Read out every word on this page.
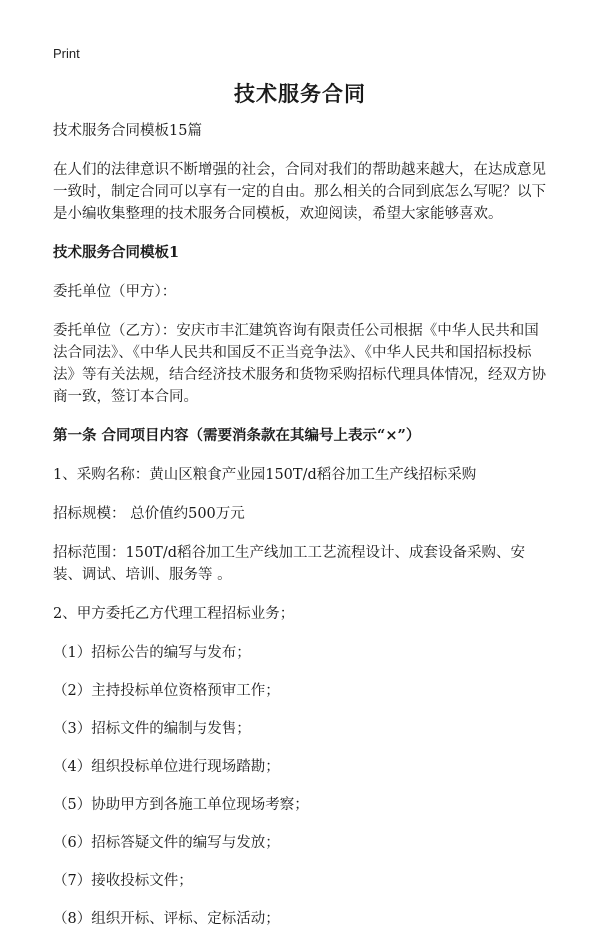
Print
技术服务合同

技术服务合同模板15篇

在人们的法律意识不断增强的社会，合同对我们的帮助越来越大，在达成意见一致时，制定合同可以享有一定的自由。那么相关的合同到底怎么写呢？以下是小编收集整理的技术服务合同模板，欢迎阅读，希望大家能够喜欢。

技术服务合同模板1

委托单位（甲方）：

委托单位（乙方）：安庆市丰汇建筑咨询有限责任公司根据《中华人民共和国法合同法》、《中华人民共和国反不正当竞争法》、《中华人民共和国招标投标法》等有关法规，结合经济技术服务和货物采购招标代理具体情况，经双方协商一致，签订本合同。

第一条 合同项目内容（需要消条款在其编号上表示“×”）

1、采购名称：黄山区粮食产业园150T/d稻谷加工生产线招标采购

招标规模： 总价值约500万元

招标范围：150T/d稻谷加工生产线加工工艺流程设计、成套设备采购、安装、调试、培训、服务等 。

2、甲方委托乙方代理工程招标业务；

（1）招标公告的编写与发布；

（2）主持投标单位资格预审工作；

（3）招标文件的编制与发售；

（4）组织投标单位进行现场踏勘；

（5）协助甲方到各施工单位现场考察；

（6）招标答疑文件的编写与发放；

（7）接收投标文件；

（8）组织开标、评标、定标活动；
